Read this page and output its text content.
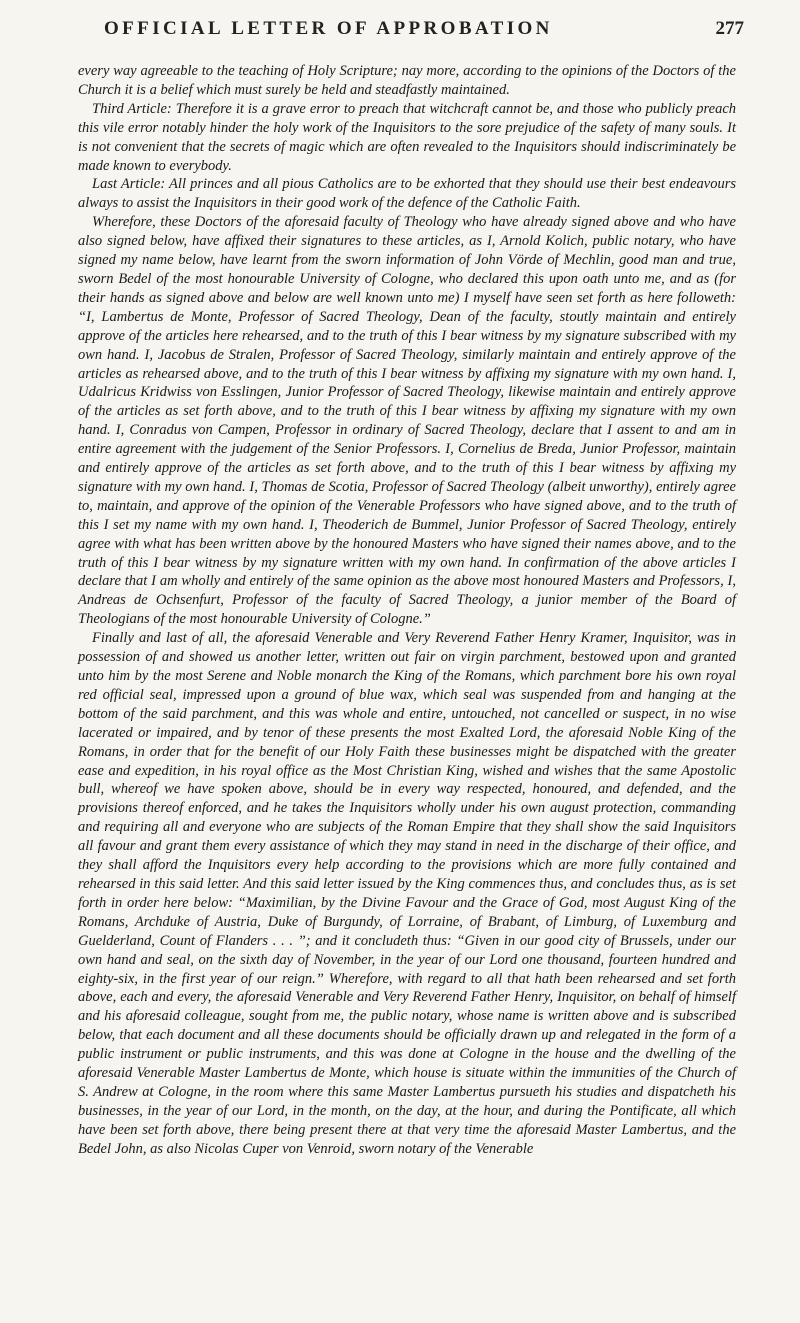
OFFICIAL LETTER OF APPROBATION	277

every way agreeable to the teaching of Holy Scripture; nay more, according to the opinions of the Doctors of the Church it is a belief which must surely be held and steadfastly maintained.

Third Article: Therefore it is a grave error to preach that witchcraft cannot be, and those who publicly preach this vile error notably hinder the holy work of the Inquisitors to the sore prejudice of the safety of many souls. It is not convenient that the secrets of magic which are often revealed to the Inquisitors should indiscriminately be made known to everybody.

Last Article: All princes and all pious Catholics are to be exhorted that they should use their best endeavours always to assist the Inquisitors in their good work of the defence of the Catholic Faith.

Wherefore, these Doctors of the aforesaid faculty of Theology who have already signed above and who have also signed below, have affixed their signatures to these articles, as I, Arnold Kolich, public notary, who have signed my name below, have learnt from the sworn information of John Vörde of Mechlin, good man and true, sworn Bedel of the most honourable University of Cologne, who declared this upon oath unto me, and as (for their hands as signed above and below are well known unto me) I myself have seen set forth as here followeth: “I, Lambertus de Monte, Professor of Sacred Theology, Dean of the faculty, stoutly maintain and entirely approve of the articles here rehearsed, and to the truth of this I bear witness by my signature subscribed with my own hand. I, Jacobus de Stralen, Professor of Sacred Theology, similarly maintain and entirely approve of the articles as rehearsed above, and to the truth of this I bear witness by affixing my signature with my own hand. I, Udalricus Kridwiss von Esslingen, Junior Professor of Sacred Theology, likewise maintain and entirely approve of the articles as set forth above, and to the truth of this I bear witness by affixing my signature with my own hand. I, Conradus von Campen, Professor in ordinary of Sacred Theology, declare that I assent to and am in entire agreement with the judgement of the Senior Professors. I, Cornelius de Breda, Junior Professor, maintain and entirely approve of the articles as set forth above, and to the truth of this I bear witness by affixing my signature with my own hand. I, Thomas de Scotia, Professor of Sacred Theology (albeit unworthy), entirely agree to, maintain, and approve of the opinion of the Venerable Professors who have signed above, and to the truth of this I set my name with my own hand. I, Theoderich de Bummel, Junior Professor of Sacred Theology, entirely agree with what has been written above by the honoured Masters who have signed their names above, and to the truth of this I bear witness by my signature written with my own hand. In confirmation of the above articles I declare that I am wholly and entirely of the same opinion as the above most honoured Masters and Professors, I, Andreas de Ochsenfurt, Professor of the faculty of Sacred Theology, a junior member of the Board of Theologians of the most honourable University of Cologne.”

Finally and last of all, the aforesaid Venerable and Very Reverend Father Henry Kramer, Inquisitor, was in possession of and showed us another letter, written out fair on virgin parchment, bestowed upon and granted unto him by the most Serene and Noble monarch the King of the Romans, which parchment bore his own royal red official seal, impressed upon a ground of blue wax, which seal was suspended from and hanging at the bottom of the said parchment, and this was whole and entire, untouched, not cancelled or suspect, in no wise lacerated or impaired, and by tenor of these presents the most Exalted Lord, the aforesaid Noble King of the Romans, in order that for the benefit of our Holy Faith these businesses might be dispatched with the greater ease and expedition, in his royal office as the Most Christian King, wished and wishes that the same Apostolic bull, whereof we have spoken above, should be in every way respected, honoured, and defended, and the provisions thereof enforced, and he takes the Inquisitors wholly under his own august protection, commanding and requiring all and everyone who are subjects of the Roman Empire that they shall show the said Inquisitors all favour and grant them every assistance of which they may stand in need in the discharge of their office, and they shall afford the Inquisitors every help according to the provisions which are more fully contained and rehearsed in this said letter. And this said letter issued by the King commences thus, and concludes thus, as is set forth in order here below: “Maximilian, by the Divine Favour and the Grace of God, most August King of the Romans, Archduke of Austria, Duke of Burgundy, of Lorraine, of Brabant, of Limburg, of Luxemburg and Guelderland, Count of Flanders . . . ”; and it concludeth thus: “Given in our good city of Brussels, under our own hand and seal, on the sixth day of November, in the year of our Lord one thousand, fourteen hundred and eighty-six, in the first year of our reign.” Wherefore, with regard to all that hath been rehearsed and set forth above, each and every, the aforesaid Venerable and Very Reverend Father Henry, Inquisitor, on behalf of himself and his aforesaid colleague, sought from me, the public notary, whose name is written above and is subscribed below, that each document and all these documents should be officially drawn up and relegated in the form of a public instrument or public instruments, and this was done at Cologne in the house and the dwelling of the aforesaid Venerable Master Lambertus de Monte, which house is situate within the immunities of the Church of S. Andrew at Cologne, in the room where this same Master Lambertus pursueth his studies and dispatcheth his businesses, in the year of our Lord, in the month, on the day, at the hour, and during the Pontificate, all which have been set forth above, there being present there at that very time the aforesaid Master Lambertus, and the Bedel John, as also Nicolas Cuper von Venroid, sworn notary of the Venerable
